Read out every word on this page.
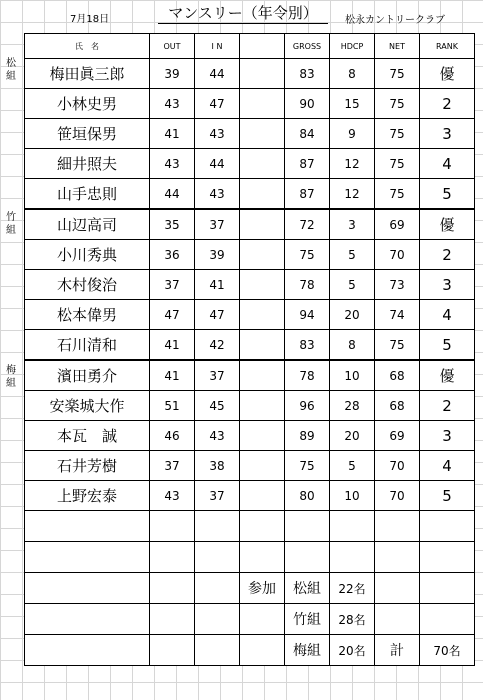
7月18日	マンスリー（年令別）	松永カントリークラブ
松組
竹組
梅組
氏　名	OUT	I N		GROSS	HDCP	NET	RANK
梅田眞三郎	39	44		83	8	75	優
小林史男	43	47		90	15	75	2
笹垣保男	41	43		84	9	75	3
細井照夫	43	44		87	12	75	4
山手忠則	44	43		87	12	75	5
山辺高司	35	37		72	3	69	優
小川秀典	36	39		75	5	70	2
木村俊治	37	41		78	5	73	3
松本偉男	47	47		94	20	74	4
石川清和	41	42		83	8	75	5
濱田勇介	41	37		78	10	68	優
安楽城大作	51	45		96	28	68	2
本瓦　誠	46	43		89	20	69	3
石井芳樹	37	38		75	5	70	4
上野宏泰	43	37		80	10	70	5

			参加	松組	22名		
				竹組	28名		
				梅組	20名	計	70名
